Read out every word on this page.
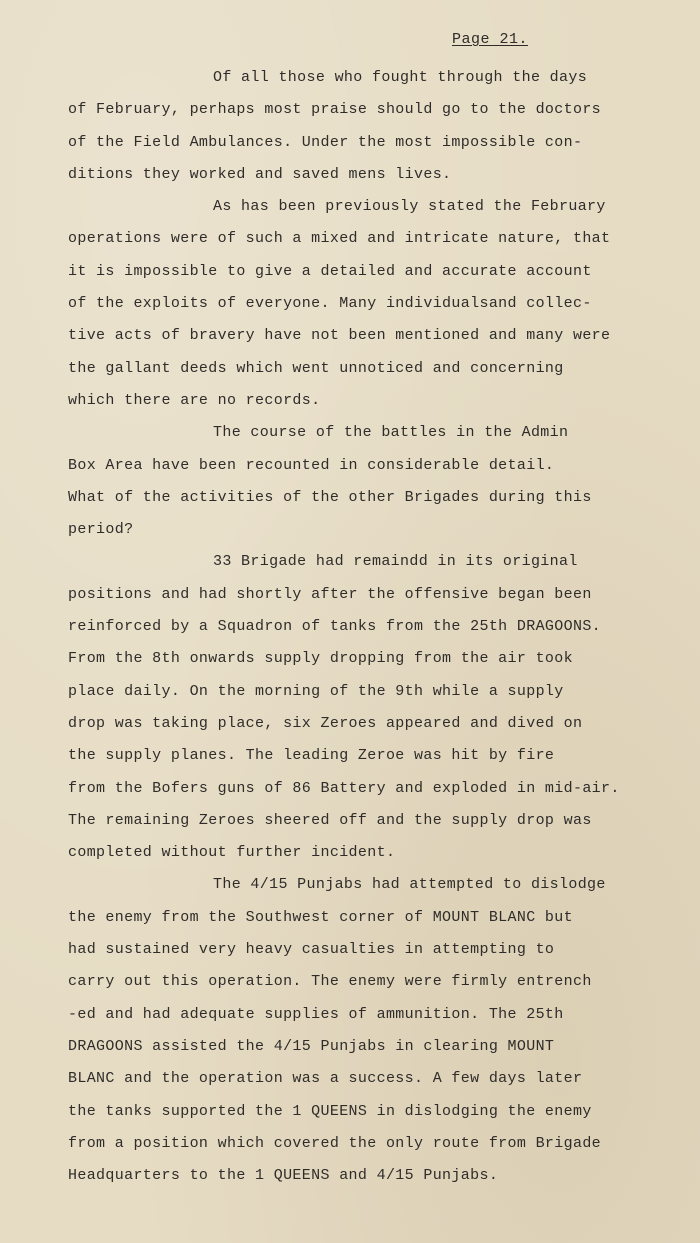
Page 21.
Of all those who fought through the days
of February, perhaps most praise should go to the doctors
of the Field Ambulances. Under the most impossible con-
ditions they worked and saved mens lives.
As has been previously stated the February
operations were of such a mixed and intricate nature, that
it is impossible to give a detailed and accurate account
of the exploits of everyone. Many individualsand collec-
tive acts of bravery have not been mentioned and many were
the gallant deeds which went unnoticed and concerning
which there are no records.
The course of the battles in the Admin
Box Area have been recounted in considerable detail.
What of the activities of the other Brigades during this
period?
33 Brigade had remaindd in its original
positions and had shortly after the offensive began been
reinforced by a Squadron of tanks from the 25th DRAGOONS.
From the 8th onwards supply dropping from the air took
place daily. On the morning of the 9th while a supply
drop was taking place, six Zeroes appeared and dived on
the supply planes. The leading Zeroe was hit by fire
from the Bofers guns of 86 Battery and exploded in mid-air.
The remaining Zeroes sheered off and the supply drop was
completed without further incident.
The 4/15 Punjabs had attempted to dislodge
the enemy from the Southwest corner of MOUNT BLANC but
had sustained very heavy casualties in attempting to
carry out this operation. The enemy were firmly entrench
-ed and had adequate supplies of ammunition. The 25th
DRAGOONS assisted the 4/15 Punjabs in clearing MOUNT
BLANC and the operation was a success. A few days later
the tanks supported the 1 QUEENS in dislodging the enemy
from a position which covered the only route from Brigade
Headquarters to the 1 QUEENS and 4/15 Punjabs.
